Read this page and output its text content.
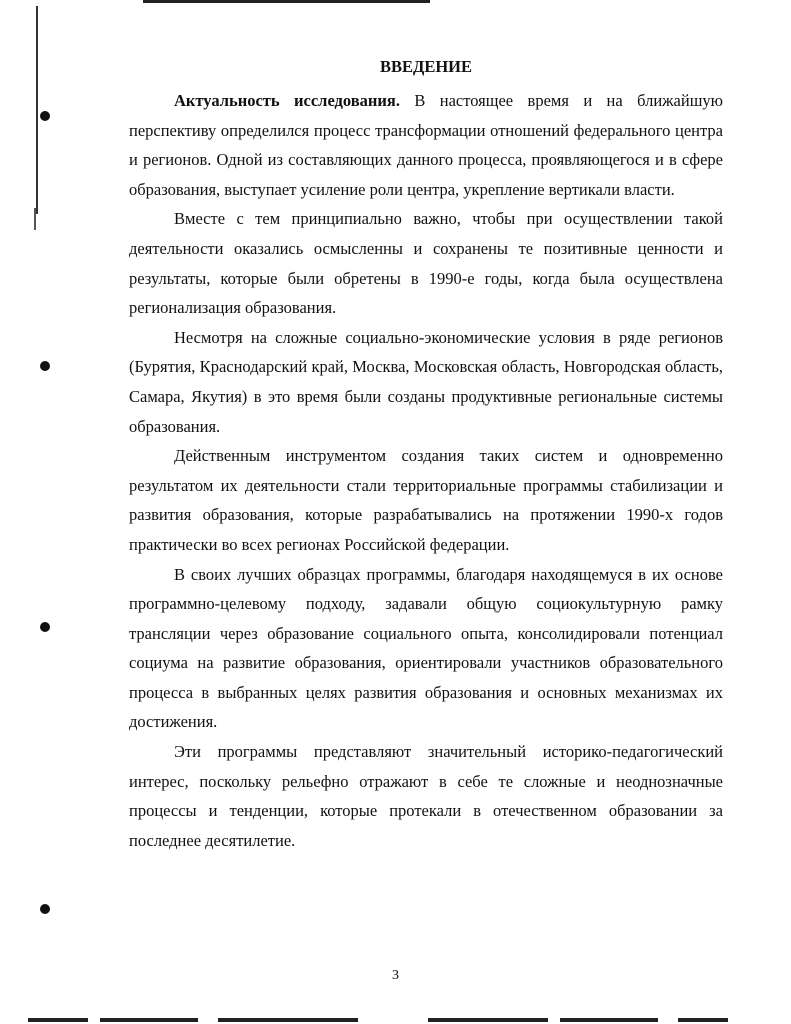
ВВЕДЕНИЕ

Актуальность исследования. В настоящее время и на ближайшую перспективу определился процесс трансформации отношений федерального центра и регионов. Одной из составляющих данного процесса, проявляющегося и в сфере образования, выступает усиление роли центра, укрепление вертикали власти.

Вместе с тем принципиально важно, чтобы при осуществлении такой деятельности оказались осмысленны и сохранены те позитивные ценности и результаты, которые были обретены в 1990-е годы, когда была осуществлена регионализация образования.

Несмотря на сложные социально-экономические условия в ряде регионов (Бурятия, Краснодарский край, Москва, Московская область, Новгородская область, Самара, Якутия) в это время были созданы продуктивные региональные системы образования.

Действенным инструментом создания таких систем и одновременно результатом их деятельности стали территориальные программы стабилизации и развития образования, которые разрабатывались на протяжении 1990-х годов практически во всех регионах Российской федерации.

В своих лучших образцах программы, благодаря находящемуся в их основе программно-целевому подходу, задавали общую социокультурную рамку трансляции через образование социального опыта, консолидировали потенциал социума на развитие образования, ориентировали участников образовательного процесса в выбранных целях развития образования и основных механизмах их достижения.

Эти программы представляют значительный историко-педагогический интерес, поскольку рельефно отражают в себе те сложные и неоднозначные процессы и тенденции, которые протекали в отечественном образовании за последнее десятилетие.

3
